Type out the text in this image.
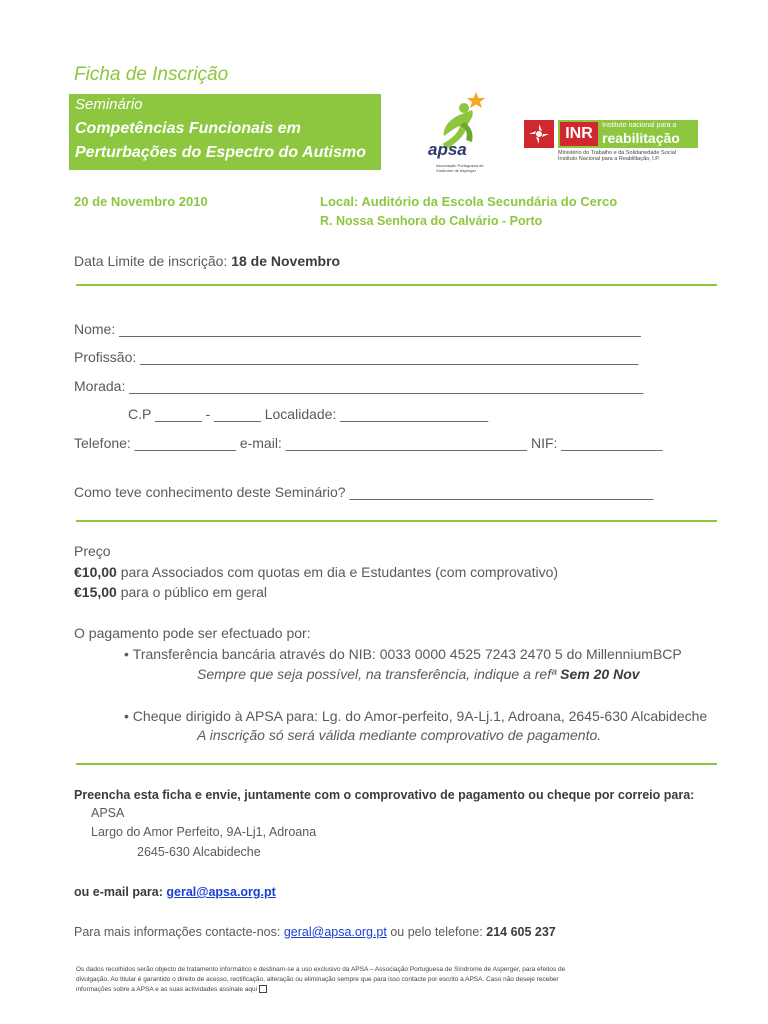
Ficha de Inscrição
Seminário
Competências Funcionais em
Perturbações do Espectro do Autismo	apsa
Associação Portuguesa de Síndrome de Asperger
INR	Instituto nacional para a
reabilitação
Ministério do Trabalho e da Solidariedade Social
Instituto Nacional para a Reabilitação, I.P.
20 de Novembro 2010	Local: Auditório da Escola Secundária do Cerco
R. Nossa Senhora do Calvário - Porto
Data Limite de inscrição: 18 de Novembro
Nome: ___________________________________________________________________
Profissão: ________________________________________________________________
Morada: __________________________________________________________________
C.P ______ - ______ Localidade: ___________________
Telefone: _____________ e-mail: _______________________________ NIF: _____________
Como teve conhecimento deste Seminário? _______________________________________
Preço
€10,00 para Associados com quotas em dia e Estudantes (com comprovativo)
€15,00 para o público em geral
O pagamento pode ser efectuado por:
• Transferência bancária através do NIB: 0033 0000 4525 7243 2470 5 do MillenniumBCP
Sempre que seja possível, na transferência, indique a refª Sem 20 Nov
• Cheque dirigido à APSA para: Lg. do Amor-perfeito, 9A-Lj.1, Adroana, 2645-630 Alcabideche
A inscrição só será válida mediante comprovativo de pagamento.
Preencha esta ficha e envie, juntamente com o comprovativo de pagamento ou cheque por correio para:
APSA
Largo do Amor Perfeito, 9A-Lj1, Adroana
2645-630 Alcabideche
ou e-mail para: geral@apsa.org.pt
Para mais informações contacte-nos: geral@apsa.org.pt ou pelo telefone: 214 605 237
Os dados recolhidos serão objecto de tratamento informático e destinam-se a uso exclusivo da APSA – Associação Portuguesa de Síndrome de Asperger, para efeitos de
divulgação. Ao titular é garantido o direito de acesso, rectificação, alteração ou eliminação sempre que para isso contacte por escrito a APSA. Caso não deseje receber
informações sobre a APSA e as suas actividades assinale aqui
